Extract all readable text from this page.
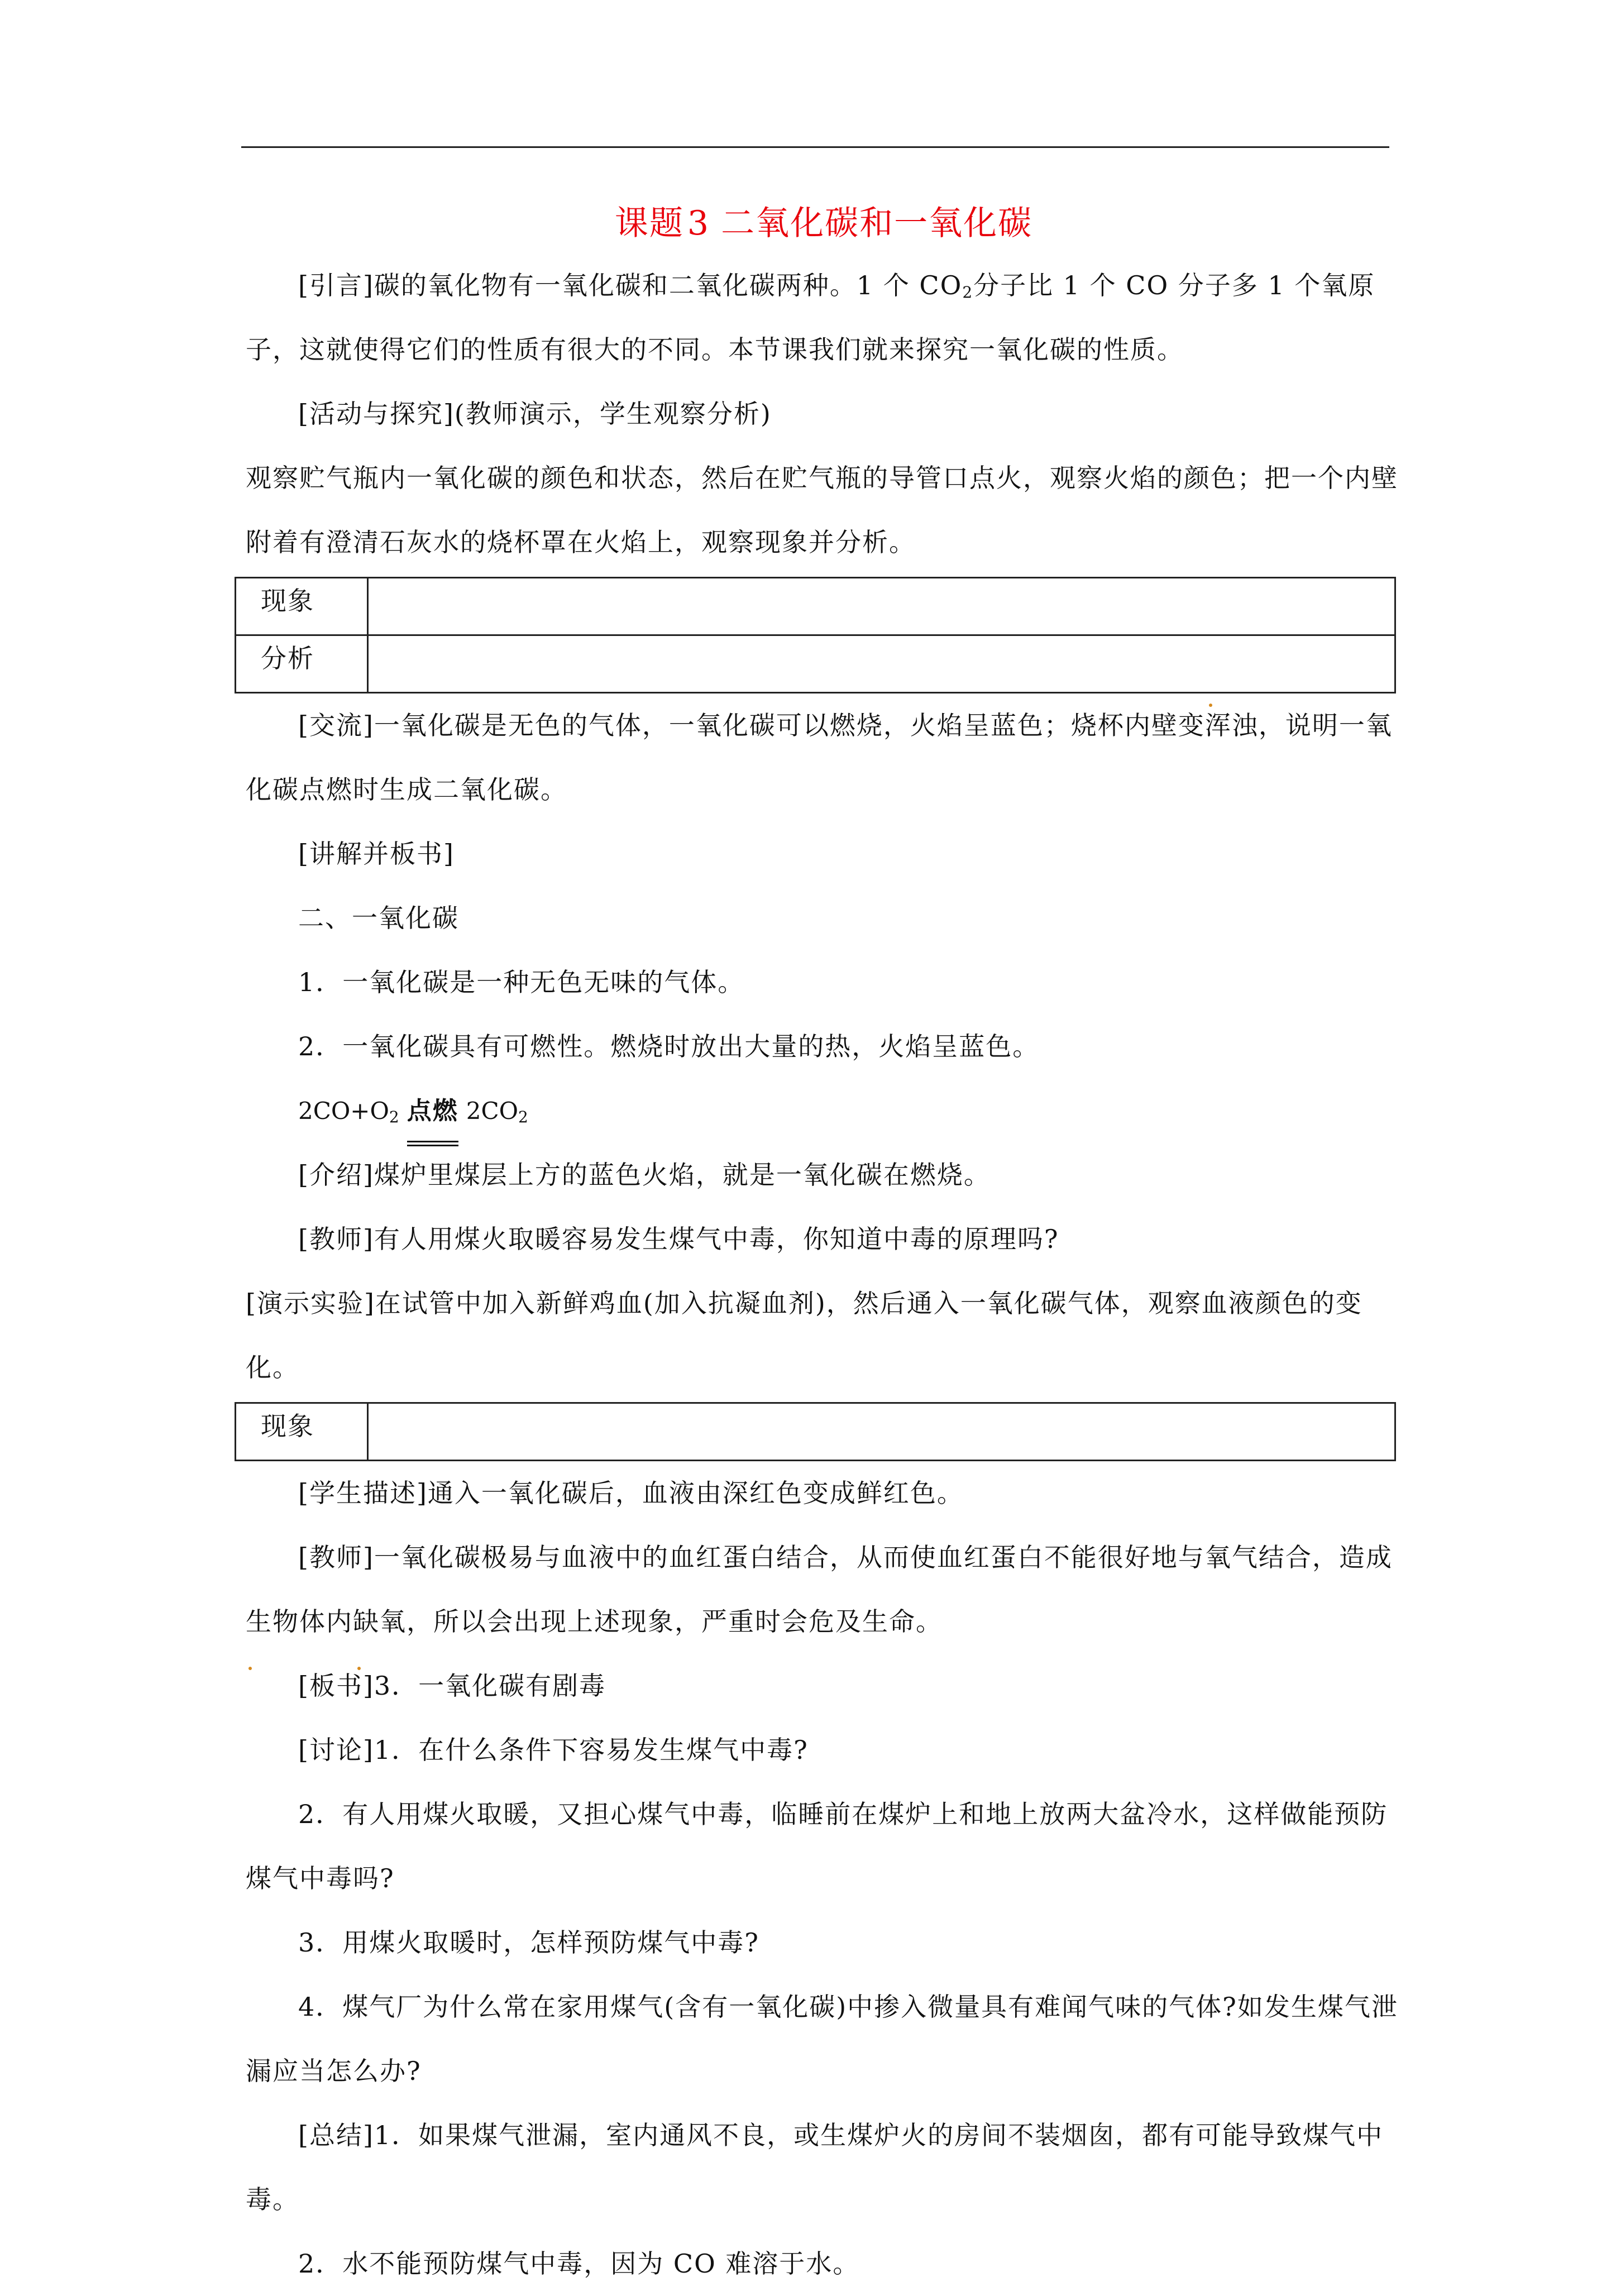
课题 3 二氧化碳和一氧化碳

[引言]碳的氧化物有一氧化碳和二氧化碳两种。1 个 $CO_2$分子比 1 个 CO 分子多 1 个氧原子，这就使得它们的性质有很大的不同。本节课我们就来探究一氧化碳的性质。

[活动与探究](教师演示，学生观察分析)

观察贮气瓶内一氧化碳的颜色和状态，然后在贮气瓶的导管口点火，观察火焰的颜色；把一个内壁附着有澄清石灰水的烧杯罩在火焰上，观察现象并分析。

现象	
分析	

[交流]一氧化碳是无色的气体，一氧化碳可以燃烧，火焰呈蓝色；烧杯内壁变浑浊，说明一氧化碳点燃时生成二氧化碳。

[讲解并板书]

二、一氧化碳

1．一氧化碳是一种无色无味的气体。

2．一氧化碳具有可燃性。燃烧时放出大量的热，火焰呈蓝色。

$2CO+O_2$ 点燃 $2CO_2$

[介绍]煤炉里煤层上方的蓝色火焰，就是一氧化碳在燃烧。

[教师]有人用煤火取暖容易发生煤气中毒，你知道中毒的原理吗?

[演示实验]在试管中加入新鲜鸡血(加入抗凝血剂)，然后通入一氧化碳气体，观察血液颜色的变化。

现象	

[学生描述]通入一氧化碳后，血液由深红色变成鲜红色。

[教师]一氧化碳极易与血液中的血红蛋白结合，从而使血红蛋白不能很好地与氧气结合，造成生物体内缺氧，所以会出现上述现象，严重时会危及生命。

[板书]3．一氧化碳有剧毒

[讨论]1．在什么条件下容易发生煤气中毒?

2．有人用煤火取暖，又担心煤气中毒，临睡前在煤炉上和地上放两大盆冷水，这样做能预防煤气中毒吗?

3．用煤火取暖时，怎样预防煤气中毒?

4．煤气厂为什么常在家用煤气(含有一氧化碳)中掺入微量具有难闻气味的气体?如发生煤气泄漏应当怎么办?

[总结]1．如果煤气泄漏，室内通风不良，或生煤炉火的房间不装烟囱，都有可能导致煤气中毒。

2．水不能预防煤气中毒，因为 CO 难溶于水。
